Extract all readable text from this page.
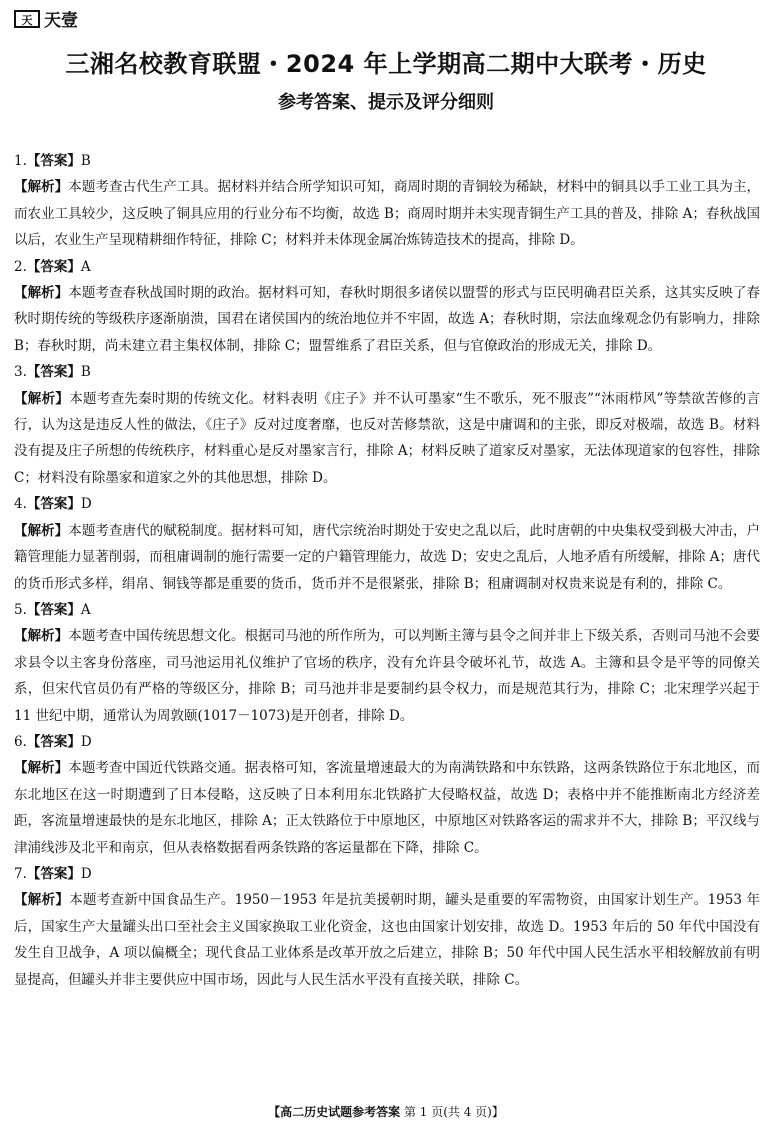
天 天壹
三湘名校教育联盟・2024 年上学期高二期中大联考・历史
参考答案、提示及评分细则

1.【答案】B

【解析】本题考查古代生产工具。据材料并结合所学知识可知，商周时期的青铜较为稀缺，材料中的铜具以手工业工具为主，而农业工具较少，这反映了铜具应用的行业分布不均衡，故选 B；商周时期并未实现青铜生产工具的普及，排除 A；春秋战国以后，农业生产呈现精耕细作特征，排除 C；材料并未体现金属冶炼铸造技术的提高，排除 D。

2.【答案】A

【解析】本题考查春秋战国时期的政治。据材料可知，春秋时期很多诸侯以盟誓的形式与臣民明确君臣关系，这其实反映了春秋时期传统的等级秩序逐渐崩溃，国君在诸侯国内的统治地位并不牢固，故选 A；春秋时期，宗法血缘观念仍有影响力，排除 B；春秋时期，尚未建立君主集权体制，排除 C；盟誓维系了君臣关系，但与官僚政治的形成无关，排除 D。

3.【答案】B

【解析】本题考查先秦时期的传统文化。材料表明《庄子》并不认可墨家“生不歌乐，死不服丧”“沐雨栉风”等禁欲苦修的言行，认为这是违反人性的做法，《庄子》反对过度奢靡，也反对苦修禁欲，这是中庸调和的主张，即反对极端，故选 B。材料没有提及庄子所想的传统秩序，材料重心是反对墨家言行，排除 A；材料反映了道家反对墨家，无法体现道家的包容性，排除 C；材料没有除墨家和道家之外的其他思想，排除 D。

4.【答案】D

【解析】本题考查唐代的赋税制度。据材料可知，唐代宗统治时期处于安史之乱以后，此时唐朝的中央集权受到极大冲击，户籍管理能力显著削弱，而租庸调制的施行需要一定的户籍管理能力，故选 D；安史之乱后，人地矛盾有所缓解，排除 A；唐代的货币形式多样，绢帛、铜钱等都是重要的货币，货币并不是很紧张，排除 B；租庸调制对权贵来说是有利的，排除 C。

5.【答案】A

【解析】本题考查中国传统思想文化。根据司马池的所作所为，可以判断主簿与县令之间并非上下级关系，否则司马池不会要求县令以主客身份落座，司马池运用礼仪维护了官场的秩序，没有允许县令破坏礼节，故选 A。主簿和县令是平等的同僚关系，但宋代官员仍有严格的等级区分，排除 B；司马池并非是要制约县令权力，而是规范其行为，排除 C；北宋理学兴起于 11 世纪中期，通常认为周敦颐(1017－1073)是开创者，排除 D。

6.【答案】D

【解析】本题考查中国近代铁路交通。据表格可知，客流量增速最大的为南满铁路和中东铁路，这两条铁路位于东北地区，而东北地区在这一时期遭到了日本侵略，这反映了日本利用东北铁路扩大侵略权益，故选 D；表格中并不能推断南北方经济差距，客流量增速最快的是东北地区，排除 A；正太铁路位于中原地区，中原地区对铁路客运的需求并不大，排除 B；平汉线与津浦线涉及北平和南京，但从表格数据看两条铁路的客运量都在下降，排除 C。

7.【答案】D

【解析】本题考查新中国食品生产。1950－1953 年是抗美援朝时期，罐头是重要的军需物资，由国家计划生产。1953 年后，国家生产大量罐头出口至社会主义国家换取工业化资金，这也由国家计划安排，故选 D。1953 年后的 50 年代中国没有发生自卫战争，A 项以偏概全；现代食品工业体系是改革开放之后建立，排除 B；50 年代中国人民生活水平相较解放前有明显提高，但罐头并非主要供应中国市场，因此与人民生活水平没有直接关联，排除 C。

【高二历史试题参考答案 第 1 页(共 4 页)】
